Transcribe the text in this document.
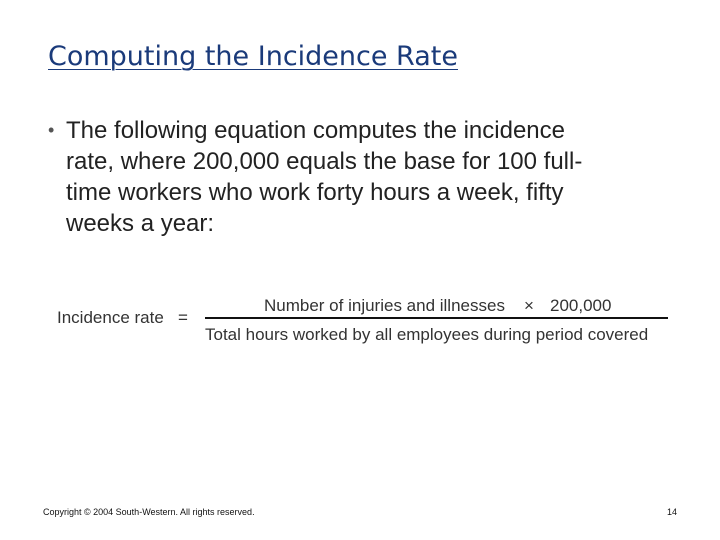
Computing the Incidence Rate
• The following equation computes the incidence
rate, where 200,000 equals the base for 100 full-
time workers who work forty hours a week, fifty
weeks a year:
Incidence rate =
Number of injuries and illnesses × 200,000
Total hours worked by all employees during period covered
Copyright © 2004 South-Western. All rights reserved.	14
